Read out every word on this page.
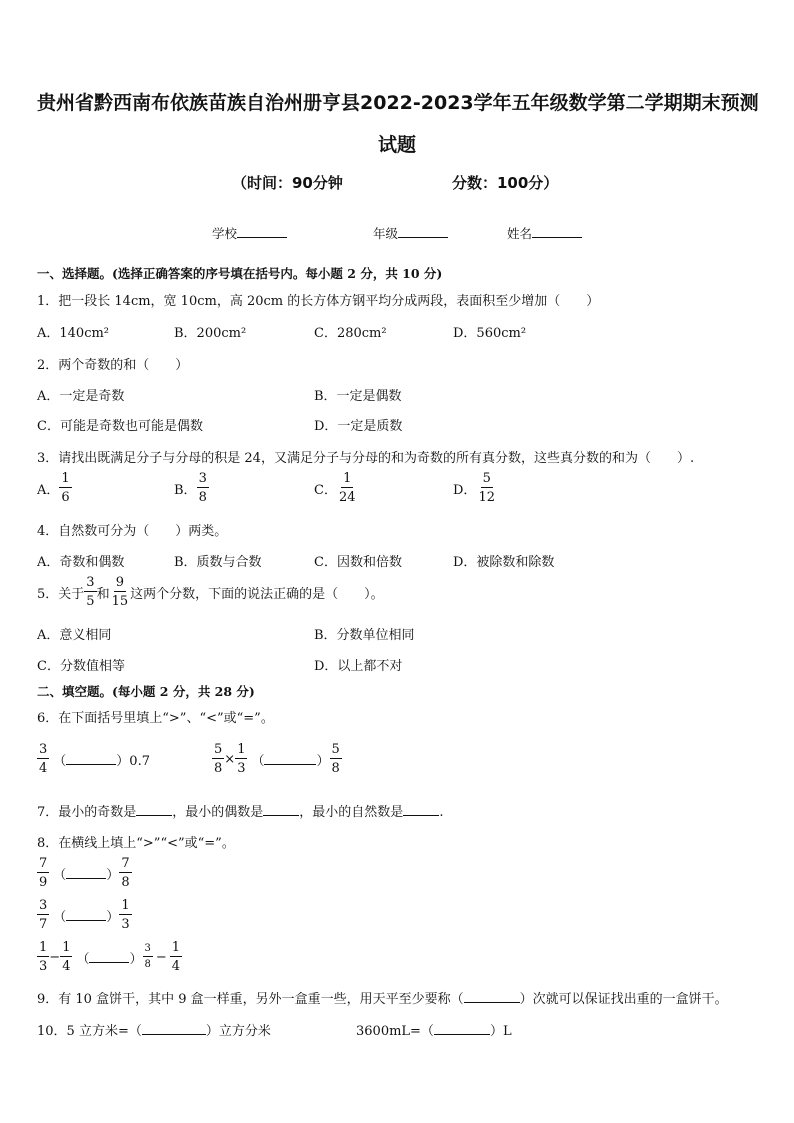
贵州省黔西南布依族苗族自治州册亨县2022-2023学年五年级数学第二学期期末预测
试题
（时间：90分钟	分数：100分）
学校	年级	姓名
一、选择题。(选择正确答案的序号填在括号内。每小题 2 分，共 10 分)
1．把一段长 14cm，宽 10cm，高 20cm 的长方体方钢平均分成两段，表面积至少增加（　　）
A．140cm²	B．200cm²	C．280cm²	D．560cm²
2．两个奇数的和（　　）
A．一定是奇数	B．一定是偶数
C．可能是奇数也可能是偶数	D．一定是质数
3．请找出既满足分子与分母的积是 24，又满足分子与分母的和为奇数的所有真分数，这些真分数的和为（　　）.
A． $\frac{1}{6}$	B． $\frac{3}{8}$	C． $\frac{1}{24}$	D． $\frac{5}{12}$
4．自然数可分为（　　）两类。
A．奇数和偶数	B．质数与合数	C．因数和倍数	D．被除数和除数
5．关于 $\frac{3}{5}$ 和 $\frac{9}{15}$ 这两个分数，下面的说法正确的是（　　）。
A．意义相同	B．分数单位相同
C．分数值相等	D．以上都不对
二、填空题。(每小题 2 分，共 28 分)
6．在下面括号里填上“>”、“<”或“=”。
$\frac{3}{4}$ （	）0.7	$\frac{5}{8} \times \frac{1}{3}$ （	） $\frac{5}{8}$
7．最小的奇数是	，最小的偶数是	，最小的自然数是	.
8．在横线上填上“>”“<”或“=”。
$\frac{7}{9}$ （	） $\frac{7}{8}$
$\frac{3}{7}$ （	） $\frac{1}{3}$
$\frac{1}{3} - \frac{1}{4}$ （	） $\frac{3}{8} - \frac{1}{4}$
9．有 10 盒饼干，其中 9 盒一样重，另外一盒重一些，用天平至少要称（	）次就可以保证找出重的一盒饼干。
10．5 立方米=（	）立方分米	3600mL=（	）L
